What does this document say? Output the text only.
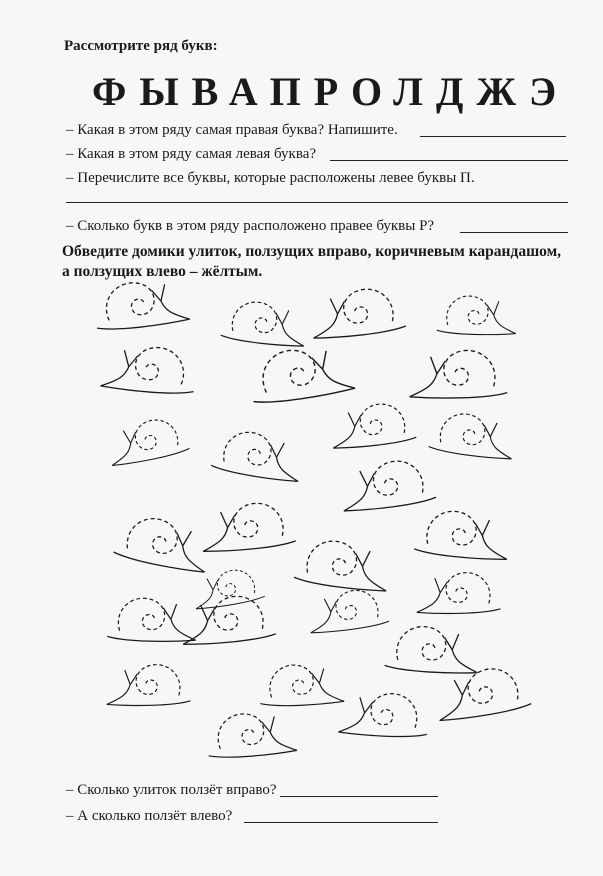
Рассмотрите ряд букв:
ФЫВАПРОЛДЖЭ
– Какая в этом ряду самая правая буква? Напишите.
– Какая в этом ряду самая левая буква?
– Перечислите все буквы, которые расположены левее буквы П.
– Сколько букв в этом ряду расположено правее буквы Р?
Обведите домики улиток, ползущих вправо, коричневым карандашом,
а ползущих влево – жёлтым.
– Сколько улиток ползёт вправо?
– А сколько ползёт влево?
